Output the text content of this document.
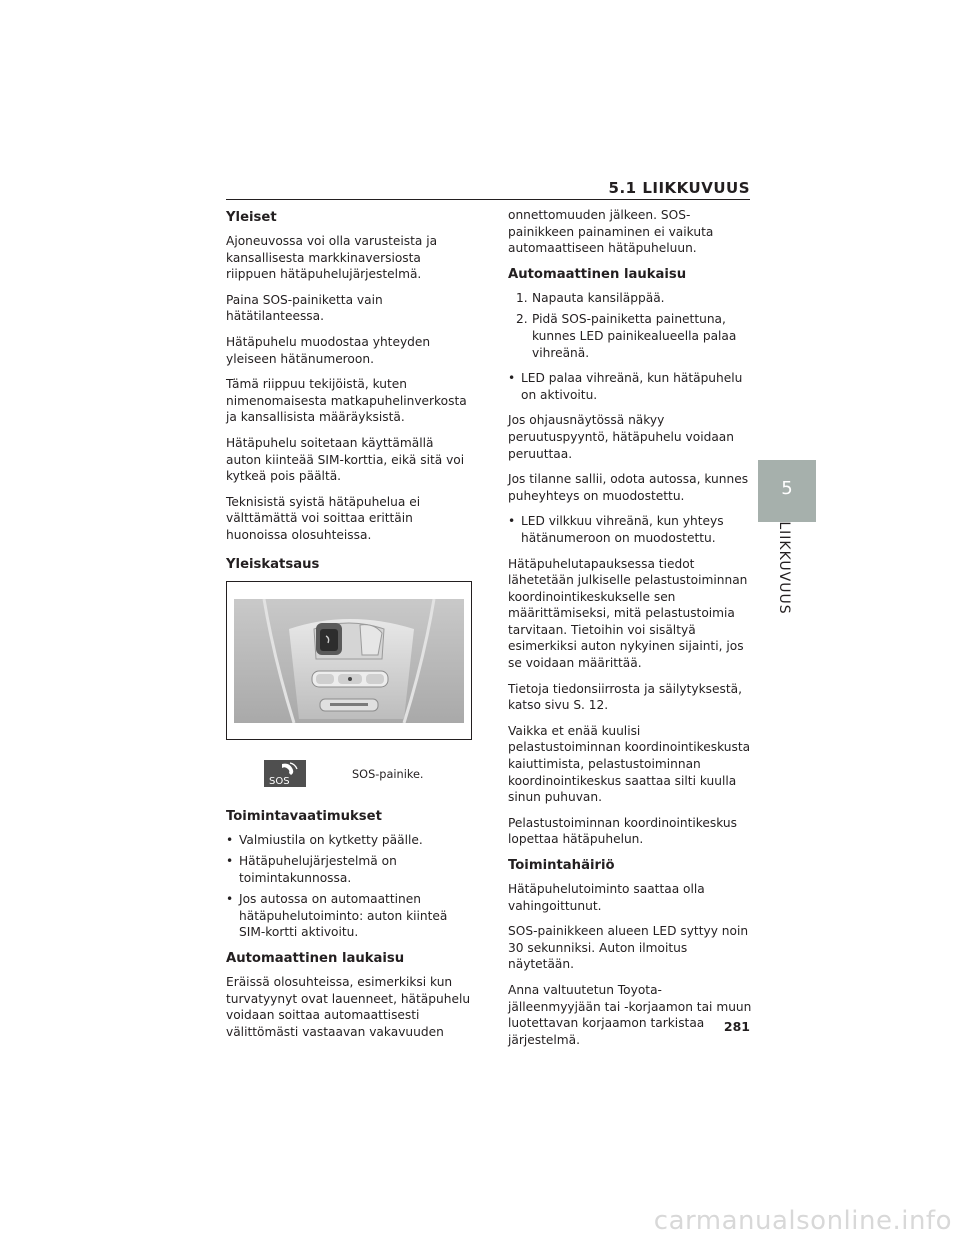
5.1 LIIKKUVUUS
Yleiset

Ajoneuvossa voi olla varusteista ja kansallisesta markkinaversiosta riippuen hätäpuhelujärjestelmä.

Paina SOS-painiketta vain hätätilanteessa.

Hätäpuhelu muodostaa yhteyden yleiseen hätänumeroon.

Tämä riippuu tekijöistä, kuten nimenomaisesta matkapuhelinverkosta ja kansallisista määräyksistä.

Hätäpuhelu soitetaan käyttämällä auton kiinteää SIM-korttia, eikä sitä voi kytkeä pois päältä.

Teknisistä syistä hätäpuhelua ei välttämättä voi soittaa erittäin huonoissa olosuhteissa.

Yleiskatsaus
SOS
SOS-painike.
Toimintavaatimukset
• Valmiustila on kytketty päälle.
• Hätäpuhelujärjestelmä on toimintakunnossa.
• Jos autossa on automaattinen hätäpuhelutoiminto: auton kiinteä SIM-kortti aktivoitu.
Automaattinen laukaisu

Eräissä olosuhteissa, esimerkiksi kun turvatyynyt ovat lauenneet, hätäpuhelu voidaan soittaa automaattisesti välittömästi vastaavan vakavuuden

onnettomuuden jälkeen. SOS-painikkeen painaminen ei vaikuta automaattiseen hätäpuheluun.

Automaattinen laukaisu
1. Napauta kansiläppää.
2. Pidä SOS-painiketta painettuna, kunnes LED painikealueella palaa vihreänä.
• LED palaa vihreänä, kun hätäpuhelu on aktivoitu.

Jos ohjausnäytössä näkyy peruutuspyyntö, hätäpuhelu voidaan peruuttaa.

Jos tilanne sallii, odota autossa, kunnes puheyhteys on muodostettu.

• LED vilkkuu vihreänä, kun yhteys hätänumeroon on muodostettu.

Hätäpuhelutapauksessa tiedot lähetetään julkiselle pelastustoiminnan koordinointikeskukselle sen määrittämiseksi, mitä pelastustoimia tarvitaan. Tietoihin voi sisältyä esimerkiksi auton nykyinen sijainti, jos se voidaan määrittää.

Tietoja tiedonsiirrosta ja säilytyksestä, katso sivu S. 12.

Vaikka et enää kuulisi pelastustoiminnan koordinointikeskusta kaiuttimista, pelastustoiminnan koordinointikeskus saattaa silti kuulla sinun puhuvan.

Pelastustoiminnan koordinointikeskus lopettaa hätäpuhelun.

Toimintahäiriö

Hätäpuhelutoiminto saattaa olla vahingoittunut.

SOS-painikkeen alueen LED syttyy noin 30 sekunniksi. Auton ilmoitus näytetään.

Anna valtuutetun Toyota-jälleenmyyjään tai -korjaamon tai muun luotettavan korjaamon tarkistaa järjestelmä.

5
LIIKKUVUUS
281
carmanualsonline.info
